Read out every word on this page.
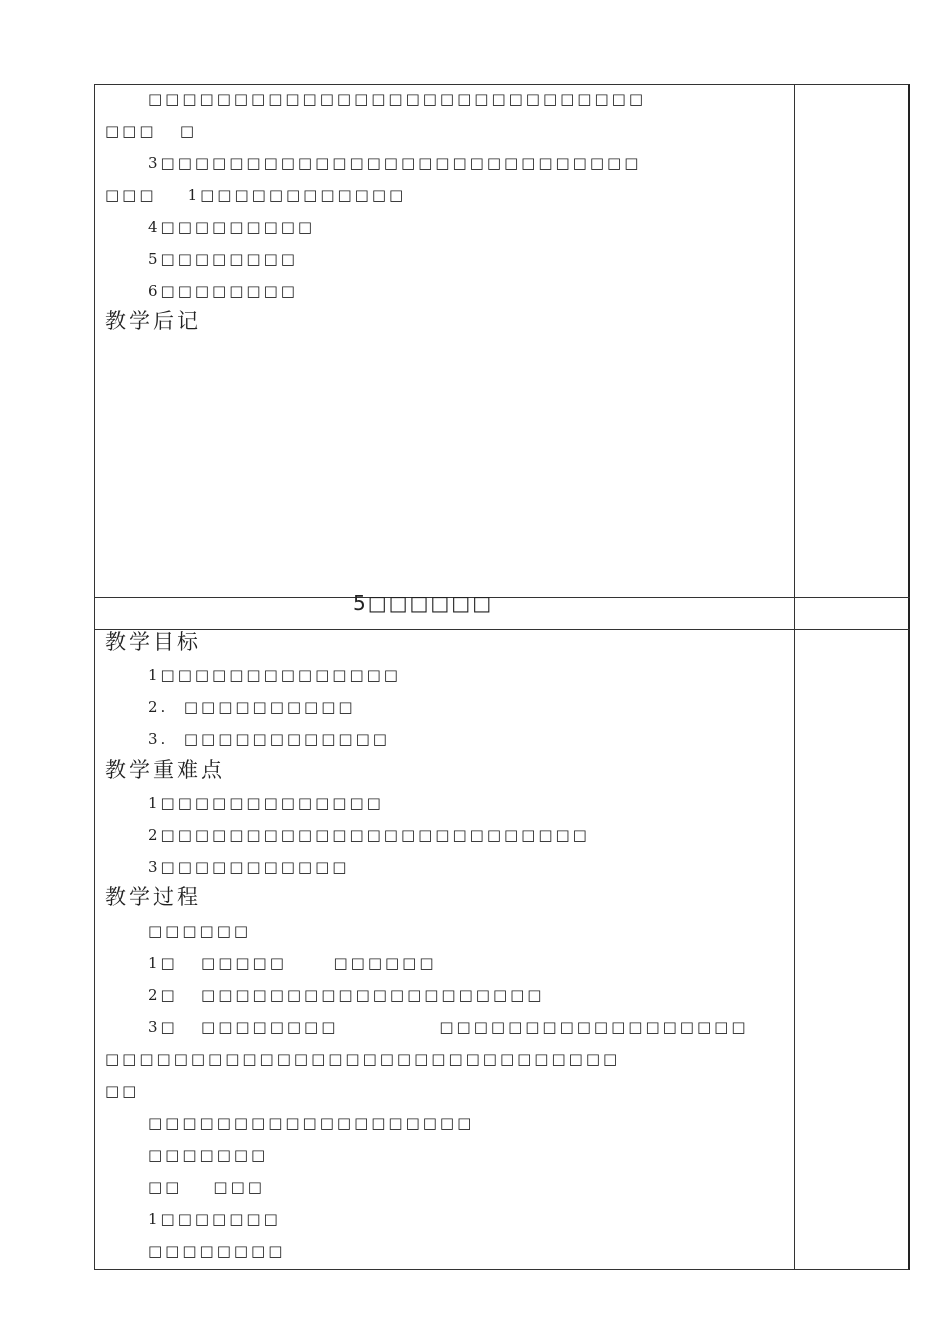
□□□□□□□□□□□□□□□□□□□□□□□□□□□□□
□□□   □
3□□□□□□□□□□□□□□□□□□□□□□□□□□□□
□□□    1□□□□□□□□□□□□
4□□□□□□□□□
5□□□□□□□□
6□□□□□□□□
教学后记
5□□□□□□
教学目标
1□□□□□□□□□□□□□□
2.  □□□□□□□□□□
3.  □□□□□□□□□□□□
教学重难点
1□□□□□□□□□□□□□
2□□□□□□□□□□□□□□□□□□□□□□□□□
3□□□□□□□□□□□
教学过程
□□□□□□
1□   □□□□□      □□□□□□
2□   □□□□□□□□□□□□□□□□□□□□
3□   □□□□□□□□             □□□□□□□□□□□□□□□□□□
□□□□□□□□□□□□□□□□□□□□□□□□□□□□□□
□□
□□□□□□□□□□□□□□□□□□□
□□□□□□□
□□    □□□
1□□□□□□□
□□□□□□□□
